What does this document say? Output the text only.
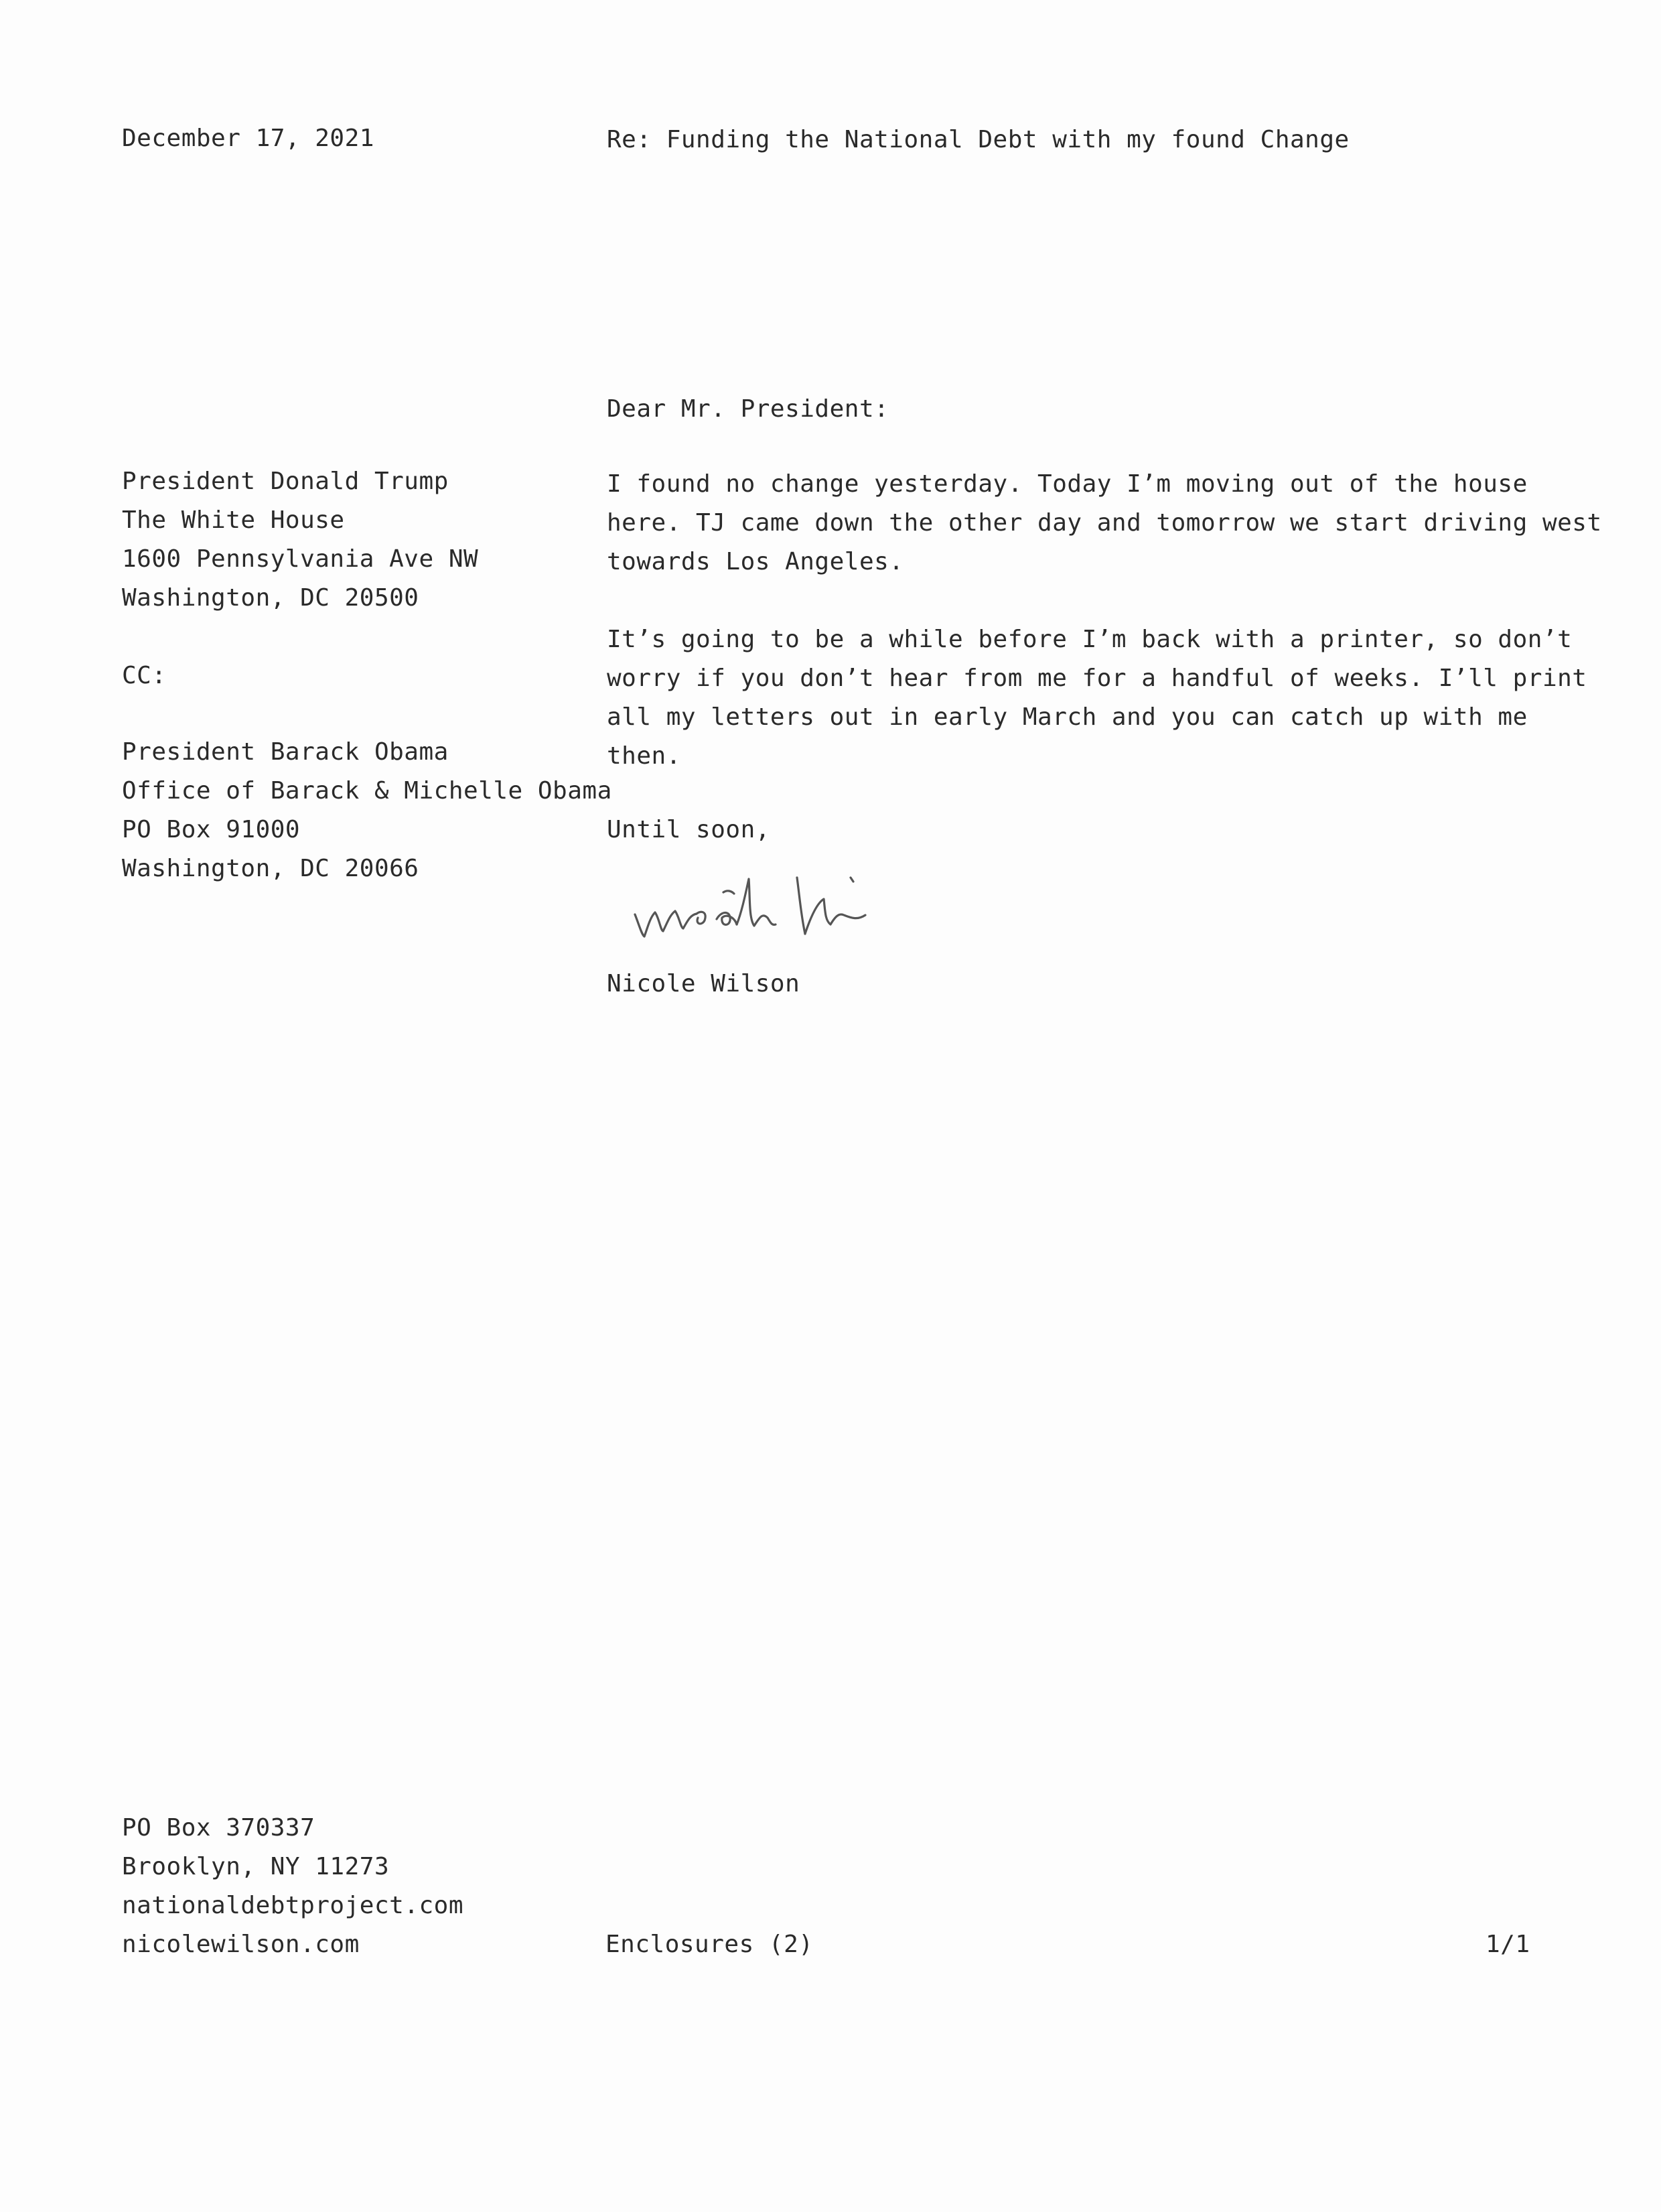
December 17, 2021	Re: Funding the National Debt with my found Change
Dear Mr. President:
President Donald Trump
The White House
1600 Pennsylvania Ave NW
Washington, DC 20500
CC:
President Barack Obama
Office of Barack & Michelle Obama
PO Box 91000
Washington, DC 20066
I found no change yesterday. Today I’m moving out of the house
here. TJ came down the other day and tomorrow we start driving west
towards Los Angeles.
It’s going to be a while before I’m back with a printer, so don’t
worry if you don’t hear from me for a handful of weeks. I’ll print
all my letters out in early March and you can catch up with me
then.
Until soon,
Nicole Wilson
PO Box 370337
Brooklyn, NY 11273
nationaldebtproject.com
nicolewilson.com	Enclosures (2)	1/1
